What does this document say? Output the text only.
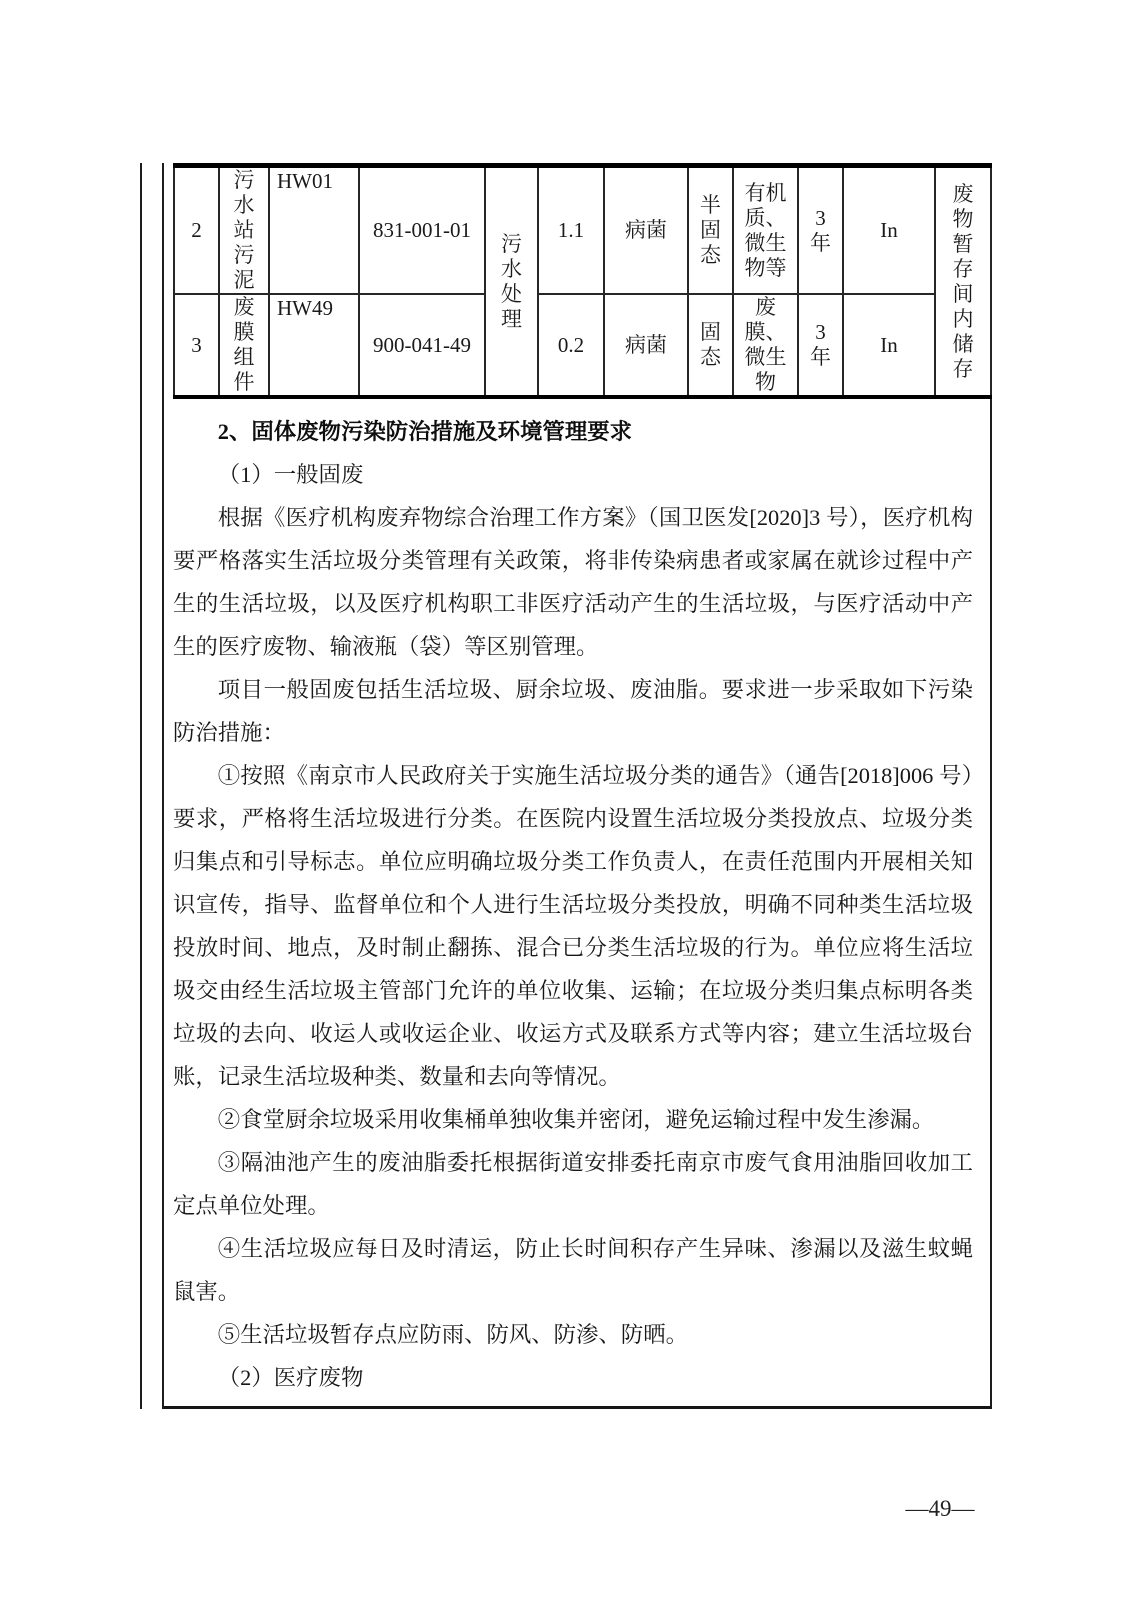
2	污水站污泥	HW01	831-001-01	污水处理	1.1	病菌	半固态	有机质、微生物等	3年	In	废物暂存间内储存
3	废膜组件	HW49	900-041-49		0.2	病菌	固态	废膜、微生物	3年	In	

2、固体废物污染防治措施及环境管理要求

（1）一般固废

根据《医疗机构废弃物综合治理工作方案》（国卫医发[2020]3 号），医疗机构要严格落实生活垃圾分类管理有关政策，将非传染病患者或家属在就诊过程中产生的生活垃圾，以及医疗机构职工非医疗活动产生的生活垃圾，与医疗活动中产生的医疗废物、输液瓶（袋）等区别管理。

项目一般固废包括生活垃圾、厨余垃圾、废油脂。要求进一步采取如下污染防治措施：

①按照《南京市人民政府关于实施生活垃圾分类的通告》（通告[2018]006 号）要求，严格将生活垃圾进行分类。在医院内设置生活垃圾分类投放点、垃圾分类归集点和引导标志。单位应明确垃圾分类工作负责人，在责任范围内开展相关知识宣传，指导、监督单位和个人进行生活垃圾分类投放，明确不同种类生活垃圾投放时间、地点，及时制止翻拣、混合已分类生活垃圾的行为。单位应将生活垃圾交由经生活垃圾主管部门允许的单位收集、运输；在垃圾分类归集点标明各类垃圾的去向、收运人或收运企业、收运方式及联系方式等内容；建立生活垃圾台账，记录生活垃圾种类、数量和去向等情况。

②食堂厨余垃圾采用收集桶单独收集并密闭，避免运输过程中发生渗漏。

③隔油池产生的废油脂委托根据街道安排委托南京市废气食用油脂回收加工定点单位处理。

④生活垃圾应每日及时清运，防止长时间积存产生异味、渗漏以及滋生蚊蝇鼠害。

⑤生活垃圾暂存点应防雨、防风、防渗、防晒。

（2）医疗废物

—49—
